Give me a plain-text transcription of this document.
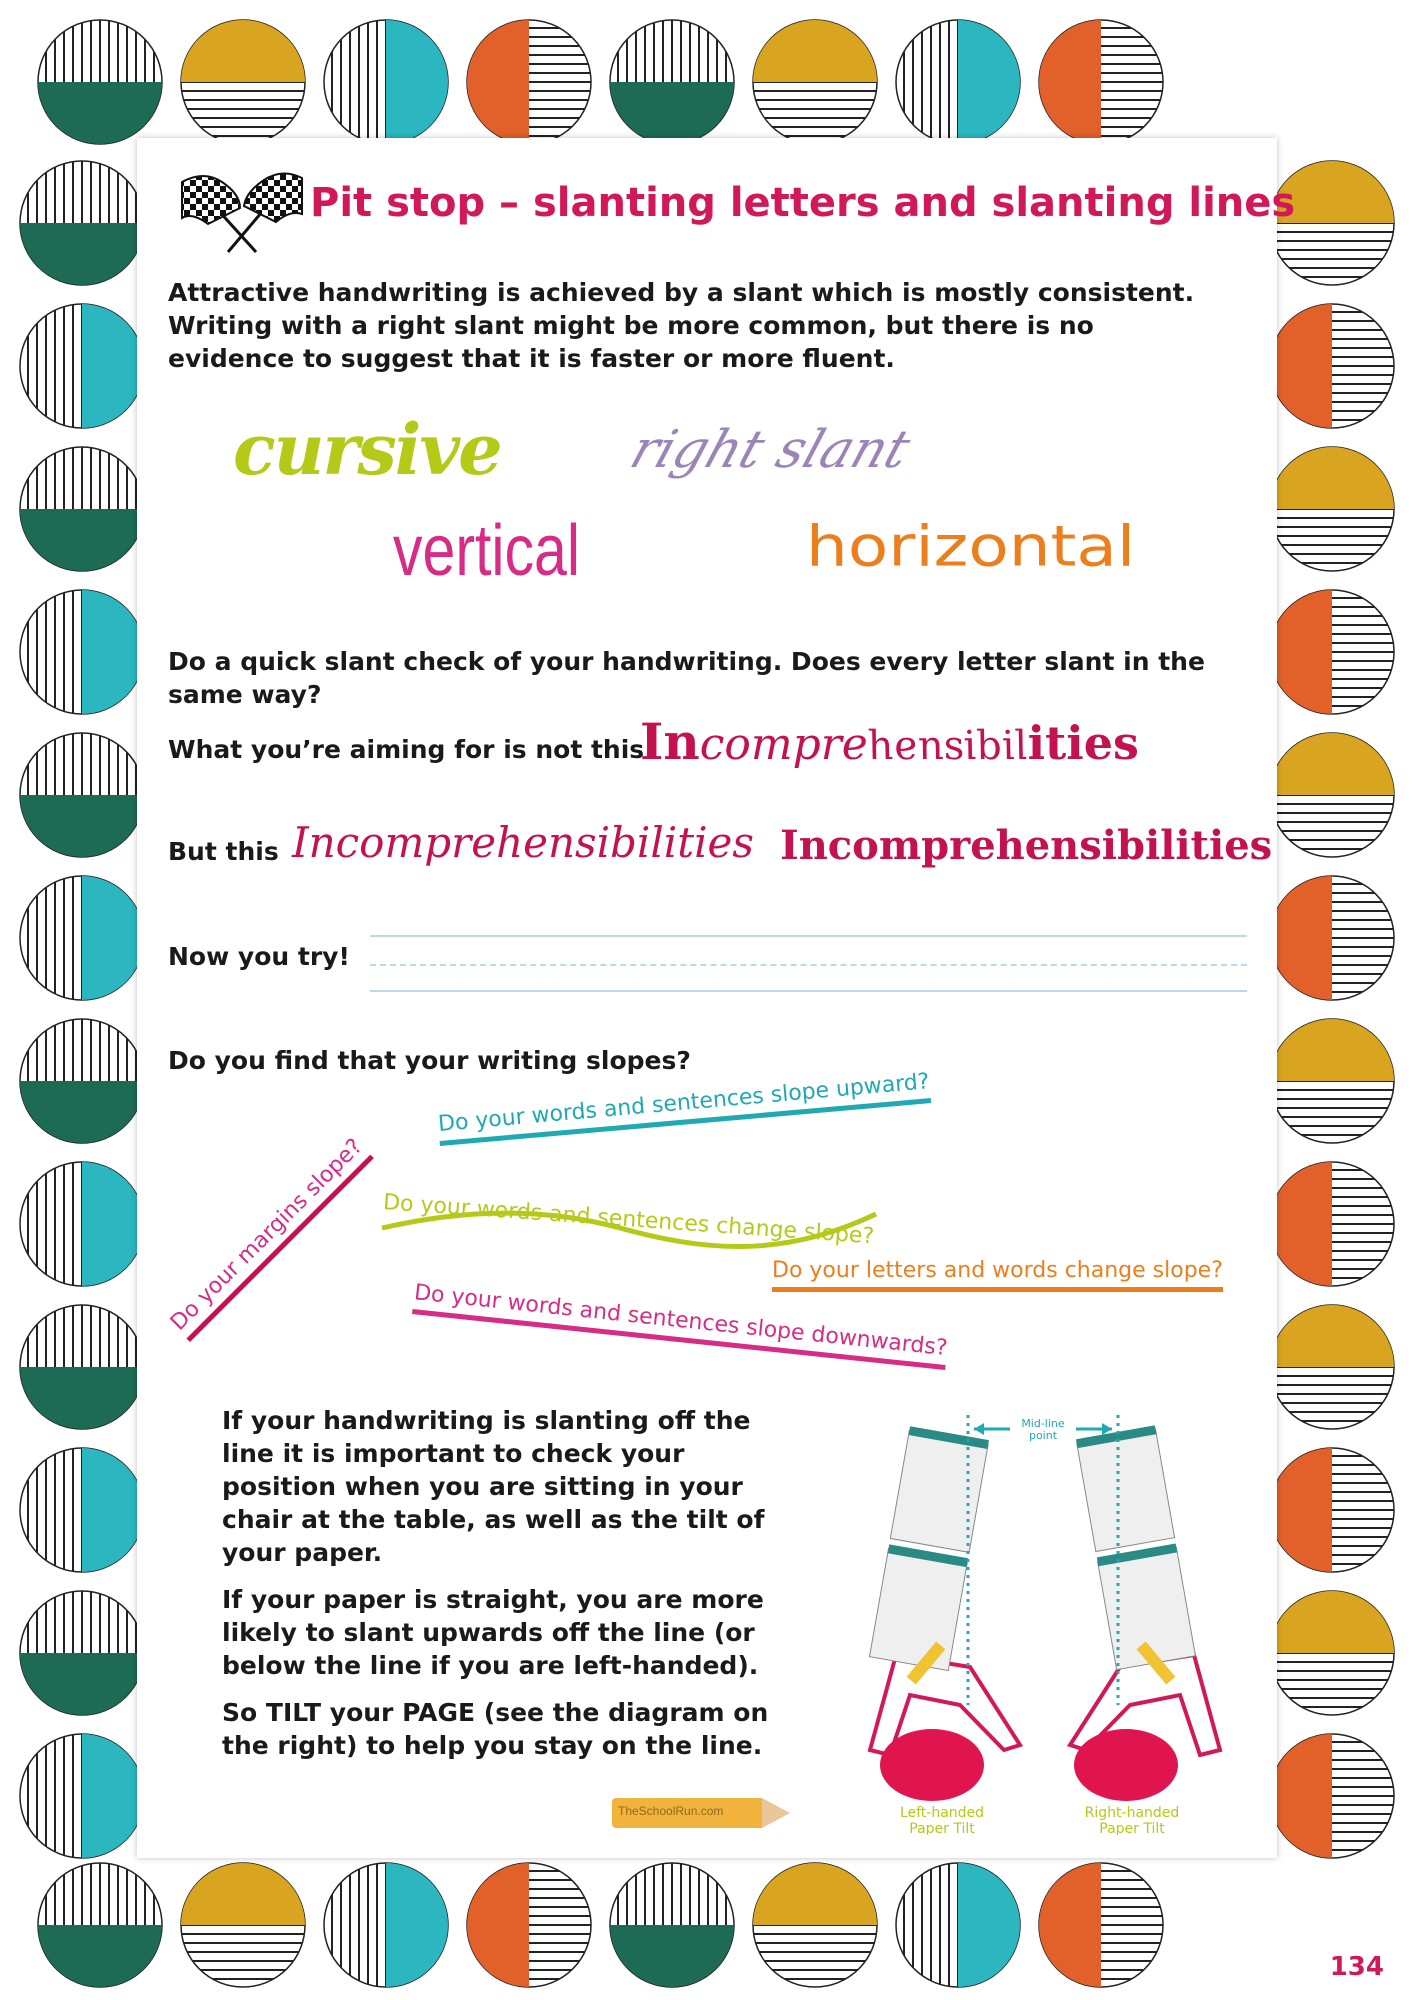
Pit stop – slanting letters and slanting lines
Attractive handwriting is achieved by a slant which is mostly consistent. Writing with a right slant might be more common, but there is no evidence to suggest that it is faster or more fluent.
cursive right slant
vertical	horizontal
Do a quick slant check of your handwriting. Does every letter slant in the same way?
What you’re aiming for is not this
Incomprehensibilities
But this Incomprehensibilities Incomprehensibilities
Now you try!
Do you find that your writing slopes?
Do your words and sentences slope upward?
Do your margins slope? Do your words and sentences change slope?
Do your letters and words change slope?
Do your words and sentences slope downwards?

If your handwriting is slanting off the line it is important to check your position when you are sitting in your chair at the table, as well as the tilt of your paper.

If your paper is straight, you are more likely to slant upwards off the line (or below the line if you are left-handed).

So TILT your PAGE (see the diagram on the right) to help you stay on the line.

Mid-line
point
Left-handed
Paper Tilt
Right-handed
Paper Tilt
TheSchoolRun.com
134
